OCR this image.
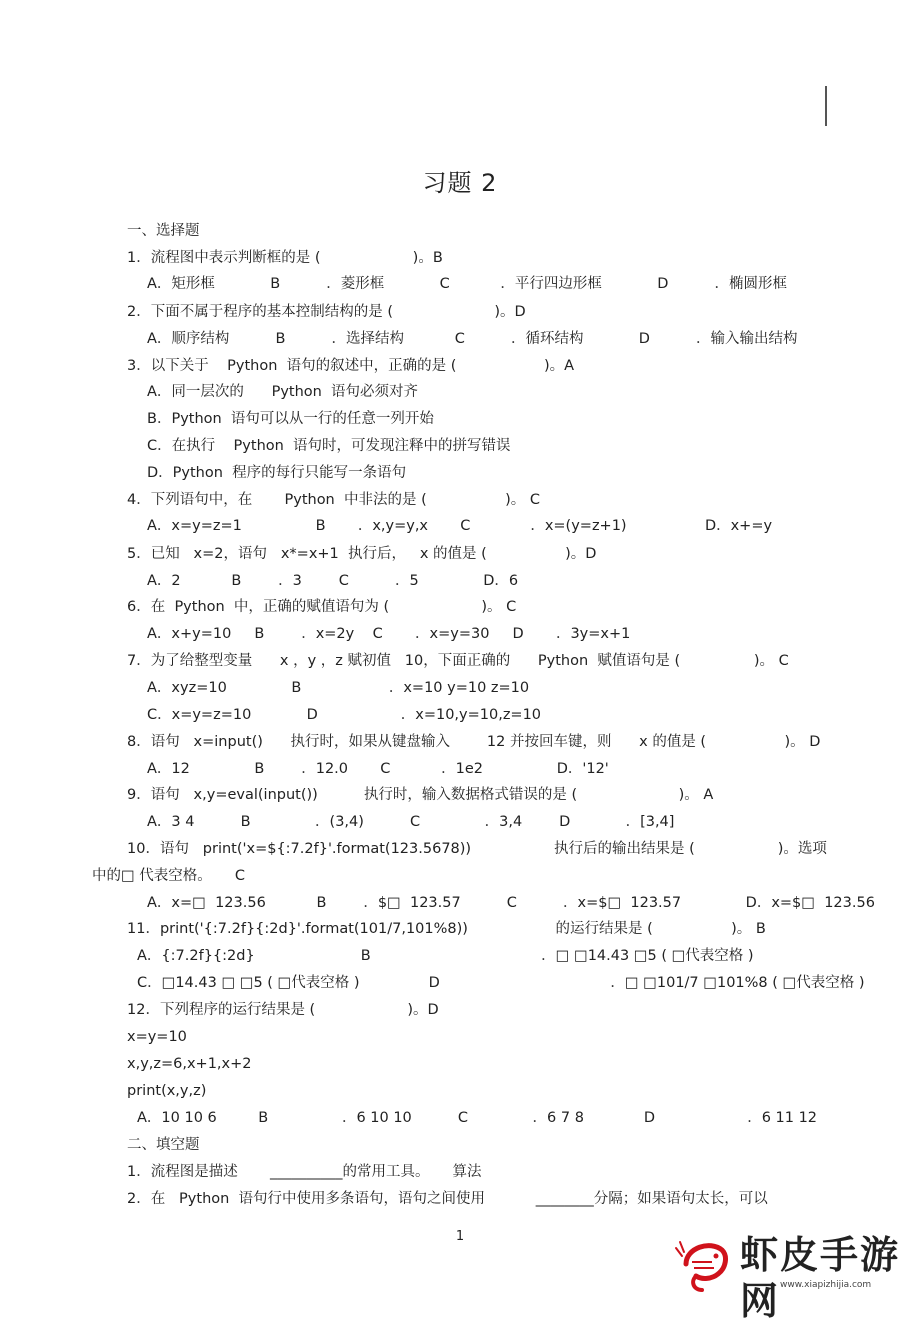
习题 2
一、选择题
1．流程图中表示判断框的是 (                    )。B
A．矩形框            B          ．菱形框            C           ．平行四边形框            D          ．椭圆形框
2．下面不属于程序的基本控制结构的是 (                      )。D
A．顺序结构          B          ．选择结构           C          ．循环结构            D          ．输入输出结构
3．以下关于    Python  语句的叙述中，正确的是 (                   )。A
A．同一层次的      Python  语句必须对齐
B．Python  语句可以从一行的任意一列开始
C．在执行    Python  语句时，可发现注释中的拼写错误
D．Python  程序的每行只能写一条语句
4．下列语句中，在       Python  中非法的是 (                 )。 C
A．x=y=z=1                B       ．x,y=y,x       C             ．x=(y=z+1)                 D．x+=y
5．已知   x=2，语句   x*=x+1  执行后，   x 的值是 (                 )。D
A．2           B        ．3        C          ．5              D．6
6．在  Python  中，正确的赋值语句为 (                    )。 C
A．x+y=10     B        ．x=2y    C       ．x=y=30     D       ．3y=x+1
7．为了给整型变量      x ，y ，z 赋初值   10，下面正确的      Python  赋值语句是 (                )。 C
A．xyz=10              B                   ．x=10 y=10 z=10
C．x=y=z=10            D                  ．x=10,y=10,z=10
8．语句   x=input()      执行时，如果从键盘输入        12 并按回车键，则      x 的值是 (                 )。 D
A．12              B        ．12.0       C           ．1e2                D．'12'
9．语句   x,y=eval(input())          执行时，输入数据格式错误的是 (                      )。 A
A．3 4          B              ．(3,4)          C              ．3,4        D            ．[3,4]
10．语句   print('x=${:7.2f}'.format(123.5678))                  执行后的输出结果是 (                  )。选项
中的□ 代表空格。     C
A．x=□  123.56           B        ．$□  123.57          C          ．x=$□  123.57              D．x=$□  123.56
11．print('{:7.2f}{:2d}'.format(101/7,101%8))                   的运行结果是 (                 )。 B
A．{:7.2f}{:2d}                       B                                     ．□ □14.43 □5 ( □代表空格 )
C．□14.43 □ □5 ( □代表空格 )               D                                     ．□ □101/7 □101%8 ( □代表空格 )
12．下列程序的运行结果是 (                    )。D
x=y=10
x,y,z=6,x+1,x+2
print(x,y,z)
A．10 10 6         B                ．6 10 10          C              ．6 7 8             D                    ．6 11 12
二、填空题
1．流程图是描述       __________的常用工具。     算法
2．在   Python  语句行中使用多条语句，语句之间使用           ________分隔；如果语句太长，可以
1	虾皮手游网 www.xiapizhijia.com
